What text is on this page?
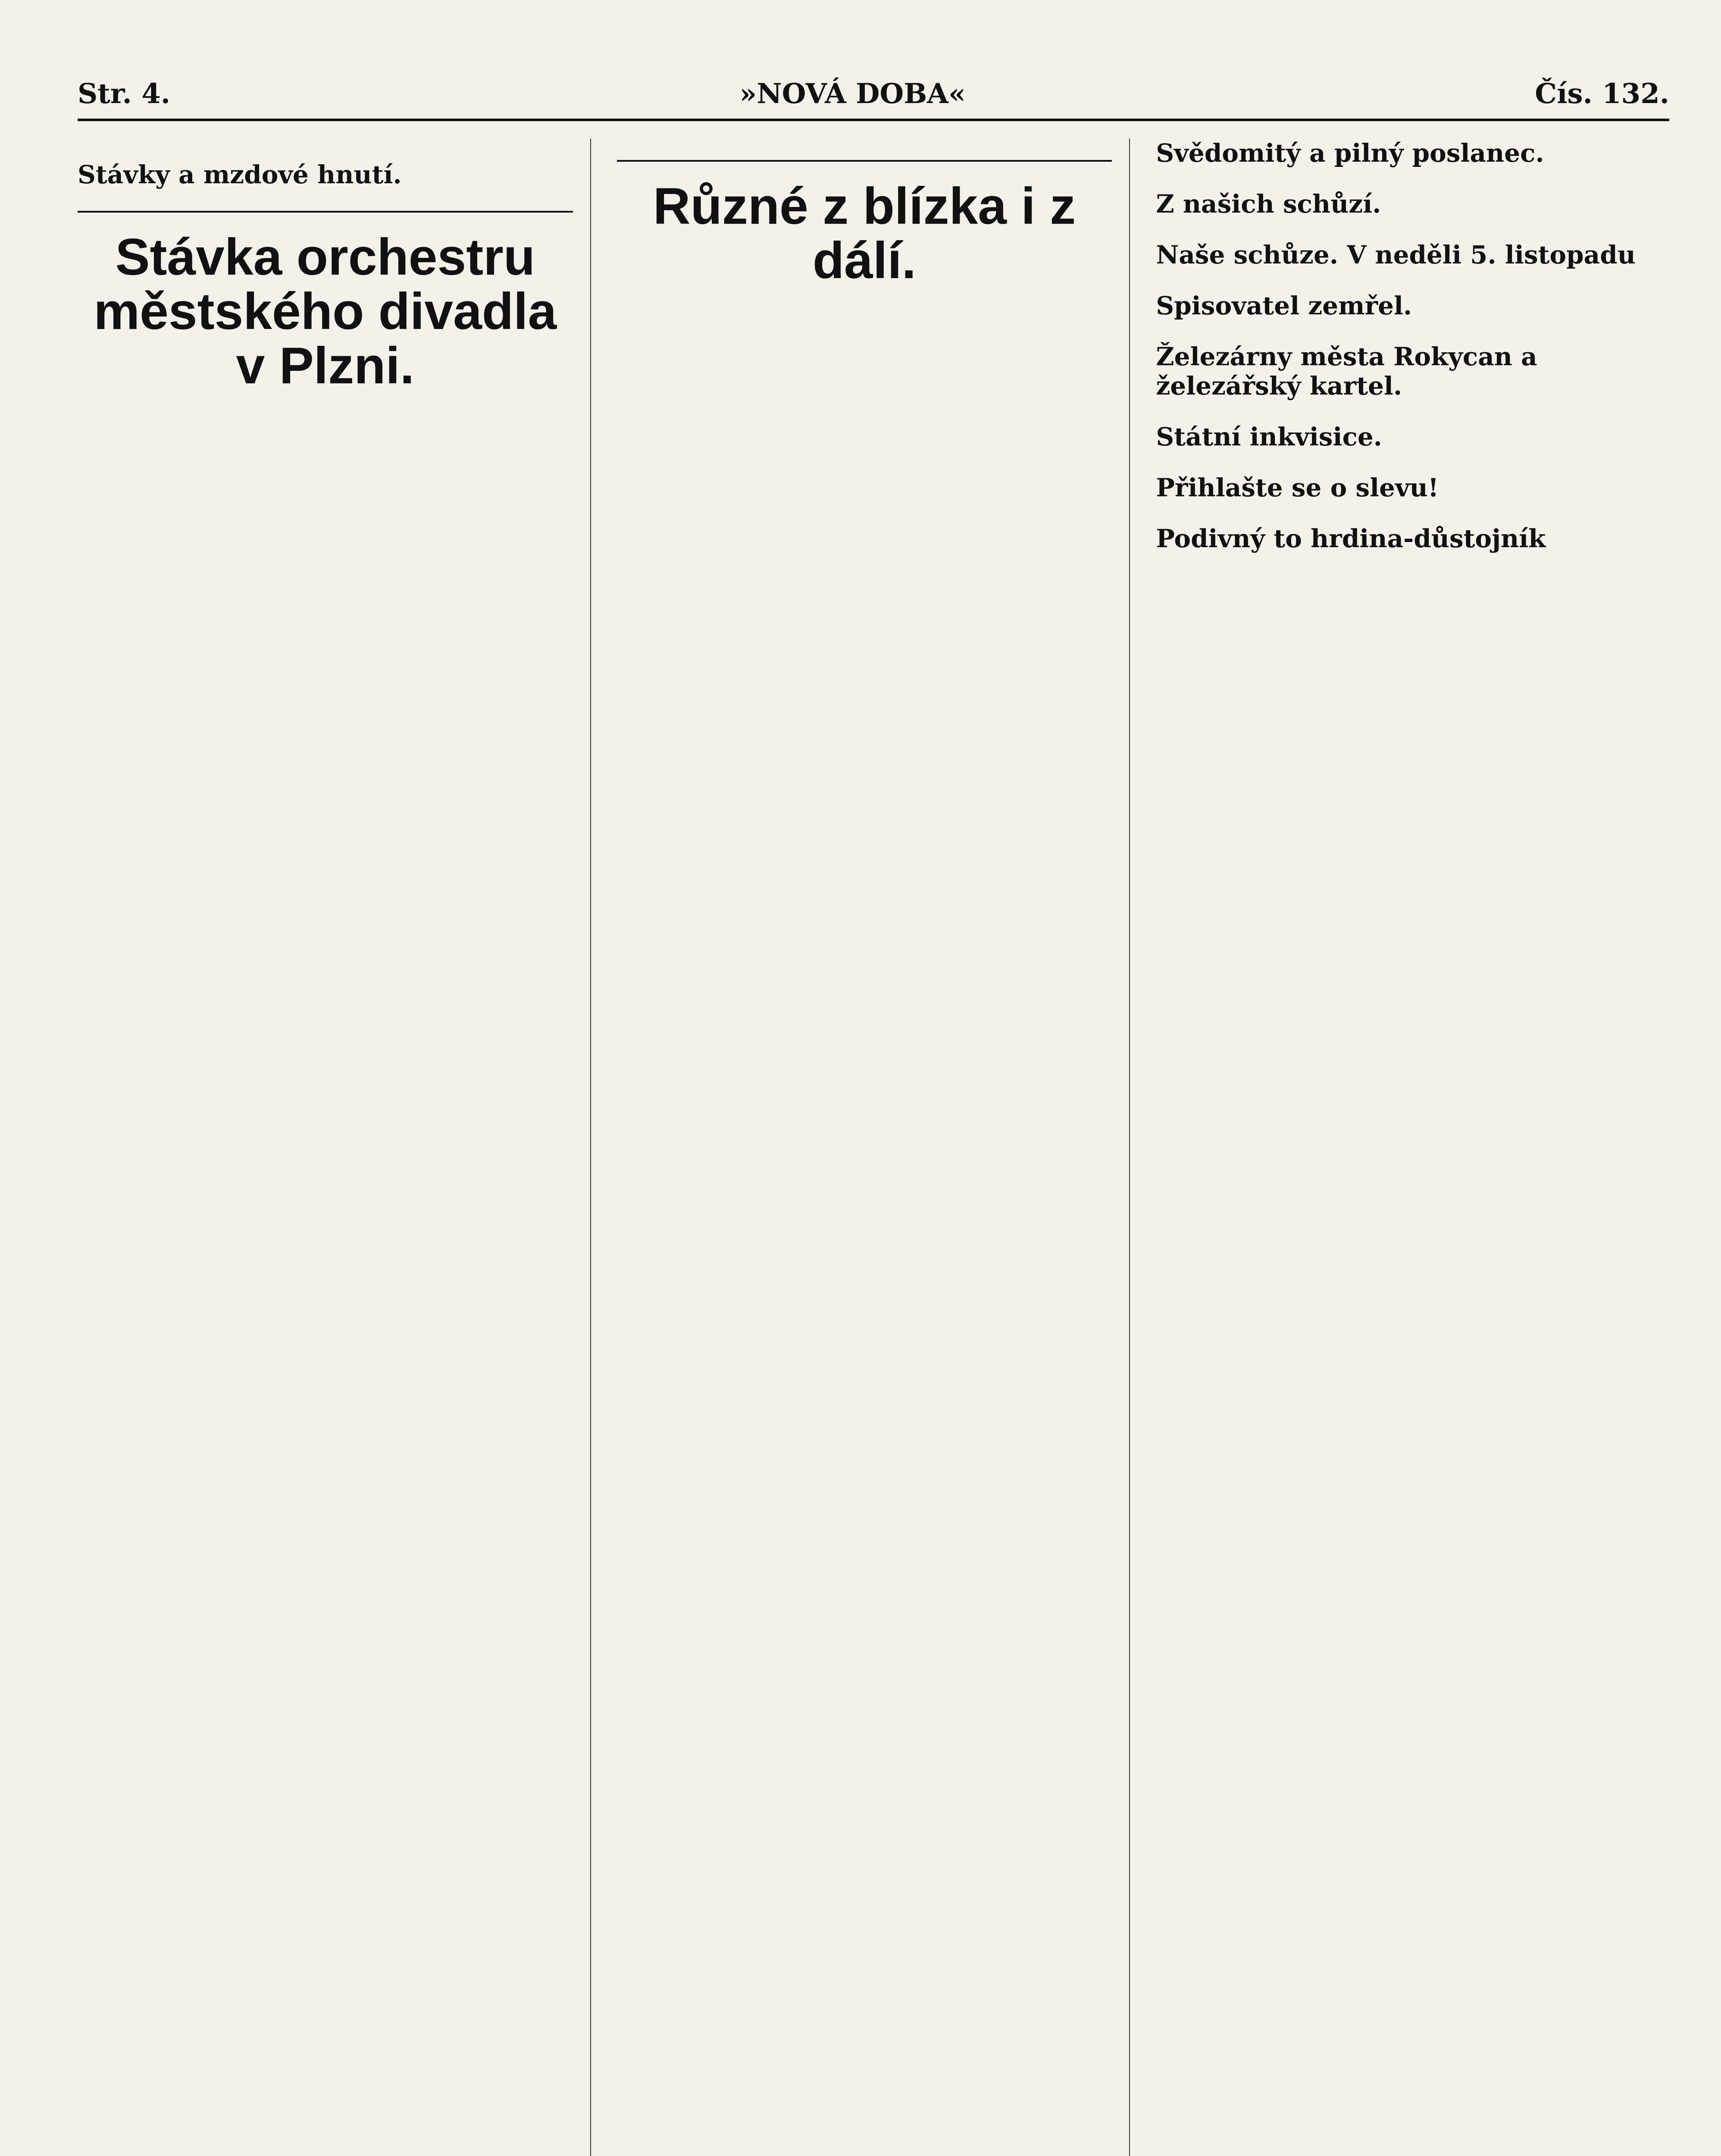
Str. 4.	»NOVÁ DOBA«	Čís. 132.
Stávky a mzdové hnutí.
Stávka orchestru městského divadla v Plzni.
Různé z blízka i z dálí.
Svědomitý a pilný poslanec.
Z našich schůzí.
Naše schůze. V neděli 5. listopadu
Spisovatel zemřel.
Železárny města Rokycan a železářský kartel.
Státní inkvisice.
Přihlašte se o slevu!
Podivný to hrdina-důstojník
